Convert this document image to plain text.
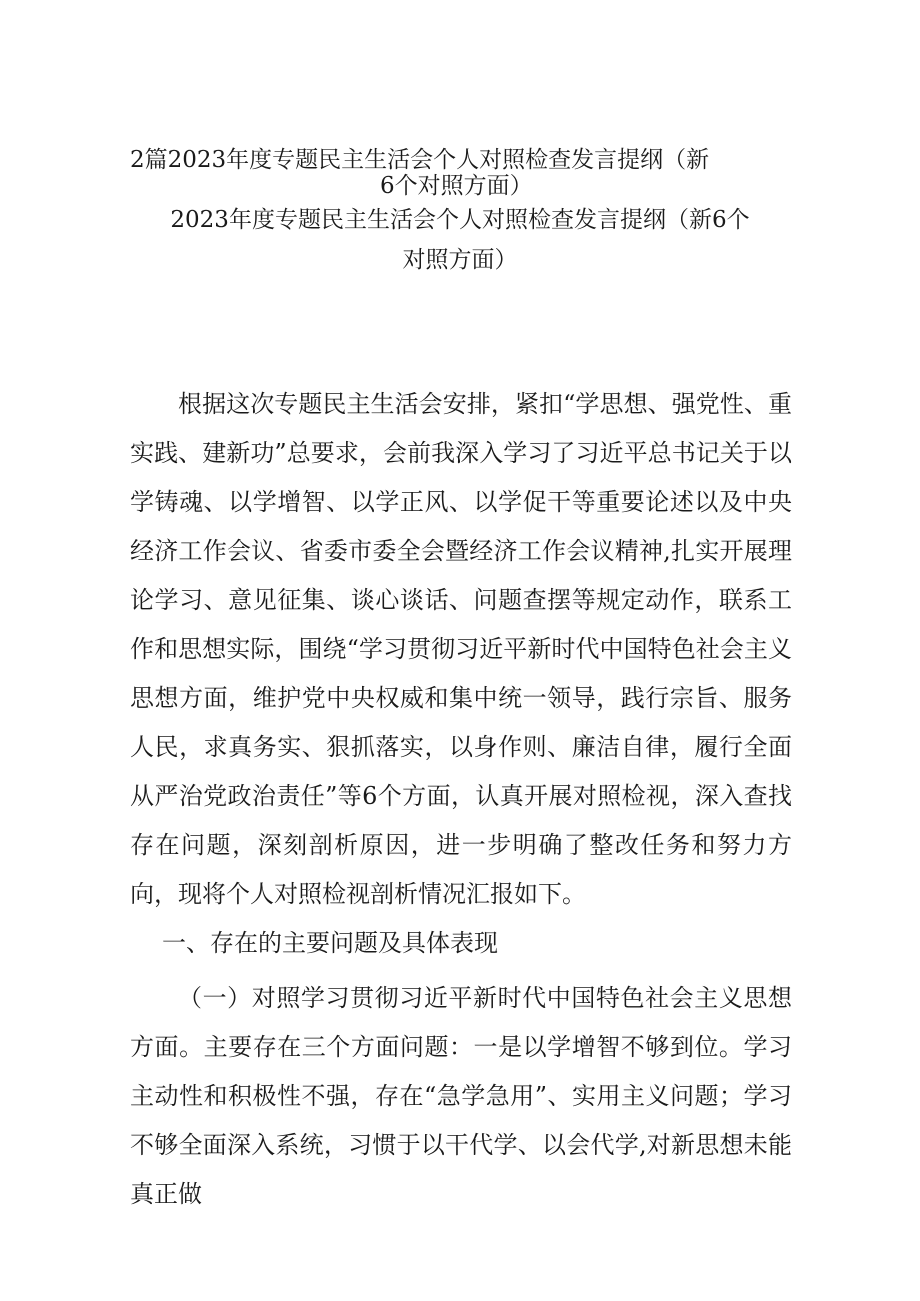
2篇2023年度专题民主生活会个人对照检查发言提纲（新
6个对照方面）
2023年度专题民主生活会个人对照检查发言提纲（新6个对照方面）

根据这次专题民主生活会安排，紧扣“学思想、强党性、重实践、建新功”总要求，会前我深入学习了习近平总书记关于以学铸魂、以学增智、以学正风、以学促干等重要论述以及中央经济工作会议、省委市委全会暨经济工作会议精神,扎实开展理论学习、意见征集、谈心谈话、问题查摆等规定动作，联系工作和思想实际，围绕“学习贯彻习近平新时代中国特色社会主义思想方面，维护党中央权威和集中统一领导，践行宗旨、服务人民，求真务实、狠抓落实，以身作则、廉洁自律，履行全面从严治党政治责任”等6个方面，认真开展对照检视，深入查找存在问题，深刻剖析原因，进一步明确了整改任务和努力方向，现将个人对照检视剖析情况汇报如下。

一、存在的主要问题及具体表现

（一）对照学习贯彻习近平新时代中国特色社会主义思想方面。主要存在三个方面问题：一是以学增智不够到位。学习主动性和积极性不强，存在“急学急用”、实用主义问题；学习不够全面深入系统，习惯于以干代学、以会代学,对新思想未能真正做
